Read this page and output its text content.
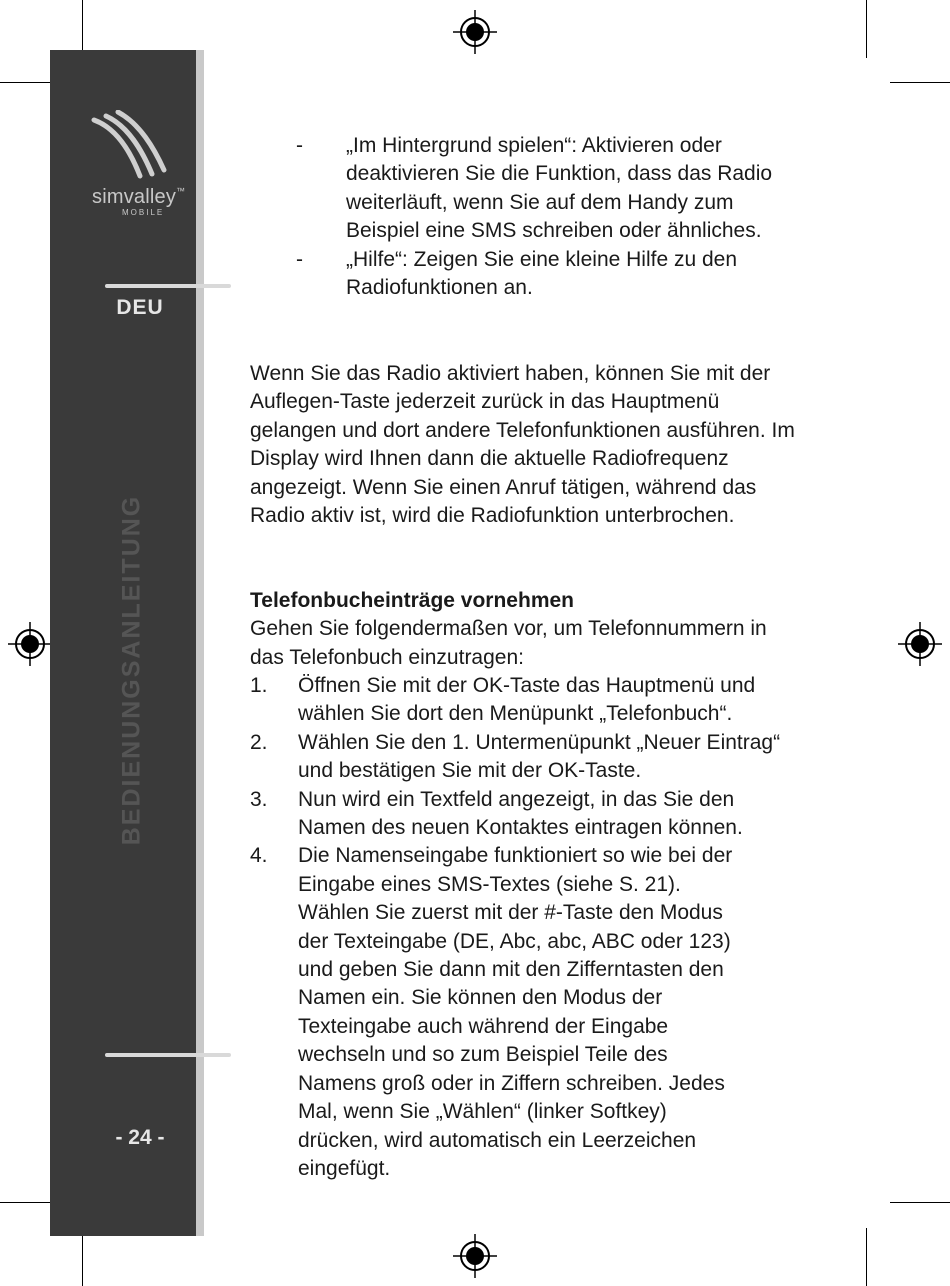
simvalley™
MOBILE
DEU
BEDIENUNGSANLEITUNG
- 24 -
- „Im Hintergrund spielen“: Aktivieren oder deaktivieren Sie die Funktion, dass das Radio weiterläuft, wenn Sie auf dem Handy zum Beispiel eine SMS schreiben oder ähnliches.

- „Hilfe“: Zeigen Sie eine kleine Hilfe zu den Radiofunktionen an.

Wenn Sie das Radio aktiviert haben, können Sie mit der Auflegen-Taste jederzeit zurück in das Hauptmenü gelangen und dort andere Telefonfunktionen ausführen. Im Display wird Ihnen dann die aktuelle Radiofrequenz angezeigt. Wenn Sie einen Anruf tätigen, während das Radio aktiv ist, wird die Radiofunktion unterbrochen.

Telefonbucheinträge vornehmen

Gehen Sie folgendermaßen vor, um Telefonnummern in das Telefonbuch einzutragen:

1. Öffnen Sie mit der OK-Taste das Hauptmenü und wählen Sie dort den Menüpunkt „Telefonbuch“.

2. Wählen Sie den 1. Untermenüpunkt „Neuer Eintrag“ und bestätigen Sie mit der OK-Taste.

3. Nun wird ein Textfeld angezeigt, in das Sie den Namen des neuen Kontaktes eintragen können.

4. Die Namenseingabe funktioniert so wie bei der Eingabe eines SMS-Textes (siehe S. 21). Wählen Sie zuerst mit der #-Taste den Modus der Texteingabe (DE, Abc, abc, ABC oder 123) und geben Sie dann mit den Zifferntasten den Namen ein. Sie können den Modus der Texteingabe auch während der Eingabe wechseln und so zum Beispiel Teile des Namens groß oder in Ziffern schreiben. Jedes Mal, wenn Sie „Wählen“ (linker Softkey) drücken, wird automatisch ein Leerzeichen eingefügt.
